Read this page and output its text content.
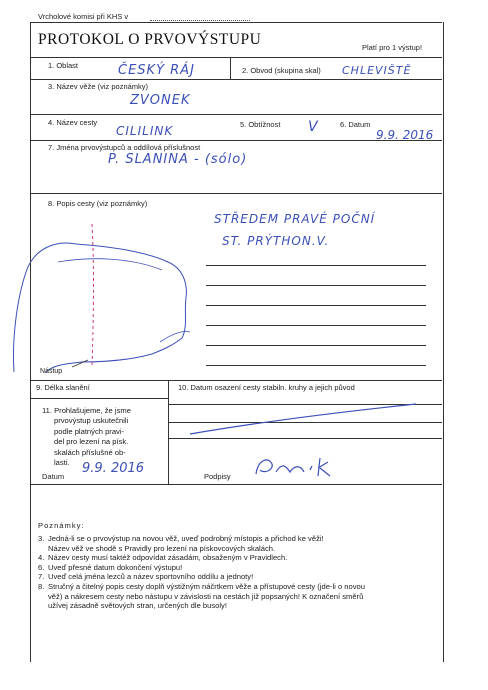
Vrcholové komisi při KHS v
PROTOKOL O PRVOVÝSTUPU	Platí pro 1 výstup!
1. Oblast	ČESKÝ RÁJ	2. Obvod (skupina skal) CHLEVIŠTĚ
3. Název věže (viz poznámky)
ZVONEK
4. Název cesty
CILILINK	5. Obtížnost V	6. Datum
9.9. 2016
7. Jména prvovýstupců a oddílová příslušnost
P. SLANINA - (sólo)
8. Popis cesty (viz poznámky)
STŘEDEM PRAVÉ POČNÍ
ST. PRÝTHON.V.
Nástup
9. Délka slanění	10. Datum osazení cesty stabiln. kruhy a jejich původ
11. Prohlašujeme, že jsme
prvovýstup uskutečnili
podle platných pravi-
del pro lezení na písk.
skalách příslušné ob-
lasti.
Datum
9.9. 2016
Podpisy
Poznámky:
3. Jedná-li se o prvovýstup na novou věž, uveď podrobný místopis a přichod ke věži!
Název věž ve shodě s Pravidly pro lezení na pískovcových skalách.
4. Název cesty musí taktéž odpovídat zásadám, obsaženým v Pravidlech.
6. Uveď přesné datum dokončení výstupu!
7. Uveď celá jména lezců a název sportovního oddílu a jednoty!
8. Stručný a čitelný popis cesty doplň výstižným náčrtkem věže a přístupové cesty (jde-li o novou
věž) a nákresem cesty nebo nástupu v závislosti na cestách již popsaných! K označení směrů
užívej zásadně světových stran, určených dle busoly!
